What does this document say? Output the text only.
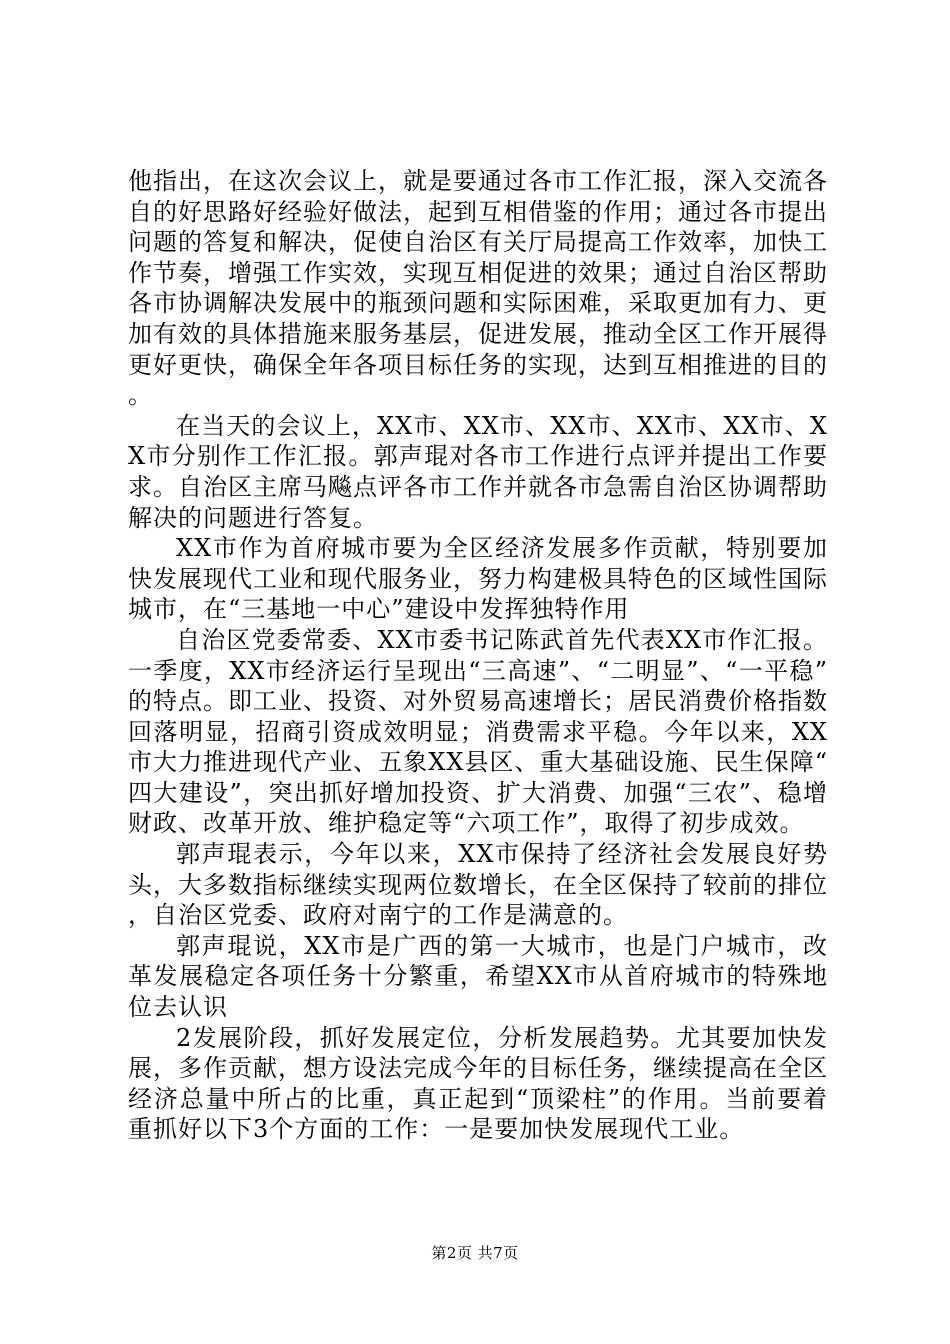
他指出，在这次会议上，就是要通过各市工作汇报，深入交流各自的好思路好经验好做法，起到互相借鉴的作用；通过各市提出问题的答复和解决，促使自治区有关厅局提高工作效率，加快工作节奏，增强工作实效，实现互相促进的效果；通过自治区帮助各市协调解决发展中的瓶颈问题和实际困难，采取更加有力、更加有效的具体措施来服务基层，促进发展，推动全区工作开展得更好更快，确保全年各项目标任务的实现，达到互相推进的目的。

在当天的会议上，XX市、XX市、XX市、XX市、XX市、XX市分别作工作汇报。郭声琨对各市工作进行点评并提出工作要求。自治区主席马飚点评各市工作并就各市急需自治区协调帮助解决的问题进行答复。

XX市作为首府城市要为全区经济发展多作贡献，特别要加快发展现代工业和现代服务业，努力构建极具特色的区域性国际城市，在“三基地一中心”建设中发挥独特作用

自治区党委常委、XX市委书记陈武首先代表XX市作汇报。一季度，XX市经济运行呈现出“三高速”、“二明显”、“一平稳”的特点。即工业、投资、对外贸易高速增长；居民消费价格指数回落明显，招商引资成效明显；消费需求平稳。今年以来，XX市大力推进现代产业、五象XX县区、重大基础设施、民生保障“四大建设”，突出抓好增加投资、扩大消费、加强“三农”、稳增财政、改革开放、维护稳定等“六项工作”，取得了初步成效。

郭声琨表示，今年以来，XX市保持了经济社会发展良好势头，大多数指标继续实现两位数增长，在全区保持了较前的排位，自治区党委、政府对南宁的工作是满意的。

郭声琨说，XX市是广西的第一大城市，也是门户城市，改革发展稳定各项任务十分繁重，希望XX市从首府城市的特殊地位去认识

2发展阶段，抓好发展定位，分析发展趋势。尤其要加快发展，多作贡献，想方设法完成今年的目标任务，继续提高在全区经济总量中所占的比重，真正起到“顶梁柱”的作用。当前要着重抓好以下3个方面的工作：一是要加快发展现代工业。

第2页 共7页
